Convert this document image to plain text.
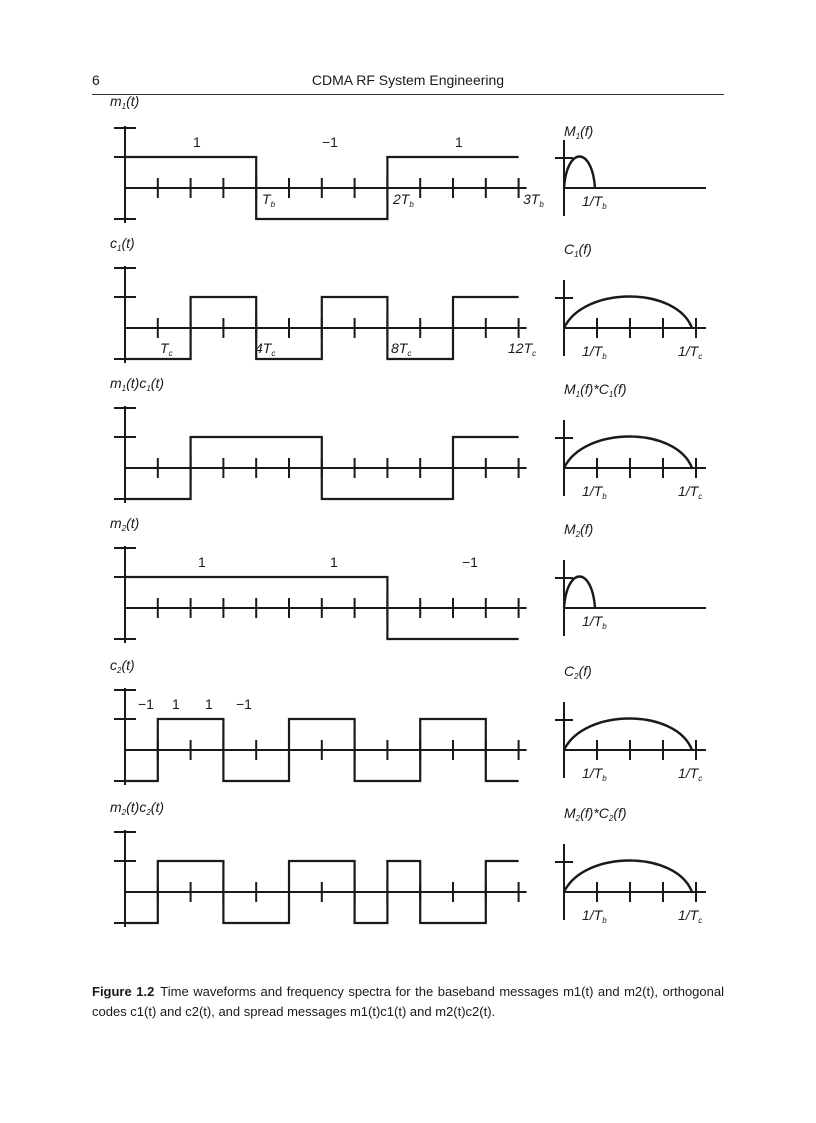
6	CDMA RF System Engineering
$m_1(t)$
1	−1	1
$T_b$	$2T_b$	$3T_b$
$M_1(f)$
$1/T_b$
$c_1(t)$
$T_c$	$4T_c$	$8T_c$	$12T_c$
$C_1(f)$
$1/T_b$	$1/T_c$
$m_1(t)c_1(t)$	$M_1(f)*C_1(f)$
$1/T_b$	$1/T_c$
$m_2(t)$
1	1	−1
$M_2(f)$
$1/T_b$
$c_2(t)$
−1 1 1 −1
$C_2(f)$
$1/T_b$	$1/T_c$
$m_2(t)c_2(t)$	$M_2(f)*C_2(f)$
$1/T_b$	$1/T_c$
Figure 1.2 Time waveforms and frequency spectra for the baseband messages m1(t) and m2(t), orthogonal codes c1(t) and c2(t), and spread messages m1(t)c1(t) and m2(t)c2(t).
